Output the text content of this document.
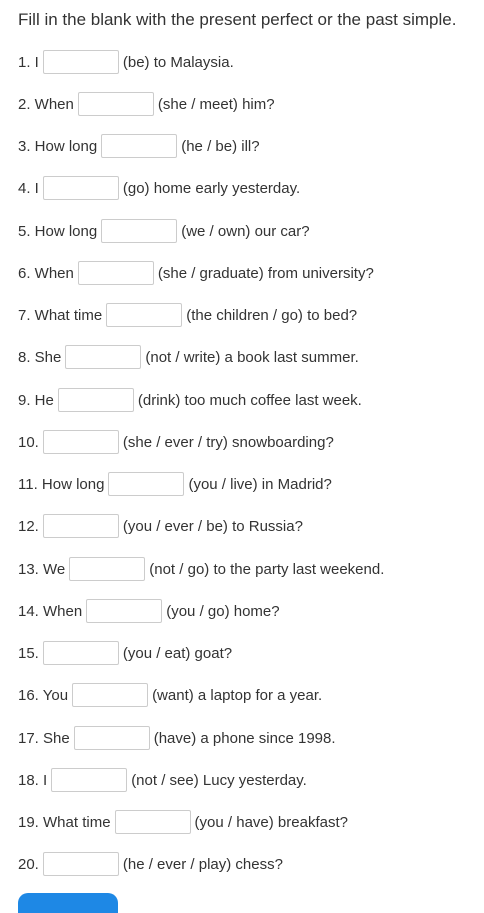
Fill in the blank with the present perfect or the past simple.
1. I	(be) to Malaysia.
2. When	(she / meet) him?
3. How long	(he / be) ill?
4. I	(go) home early yesterday.
5. How long	(we / own) our car?
6. When	(she / graduate) from university?
7. What time	(the children / go) to bed?
8. She	(not / write) a book last summer.
9. He	(drink) too much coffee last week.
10.	(she / ever / try) snowboarding?
11. How long	(you / live) in Madrid?
12.	(you / ever / be) to Russia?
13. We	(not / go) to the party last weekend.
14. When	(you / go) home?
15.	(you / eat) goat?
16. You	(want) a laptop for a year.
17. She	(have) a phone since 1998.
18. I	(not / see) Lucy yesterday.
19. What time	(you / have) breakfast?
20.	(he / ever / play) chess?
